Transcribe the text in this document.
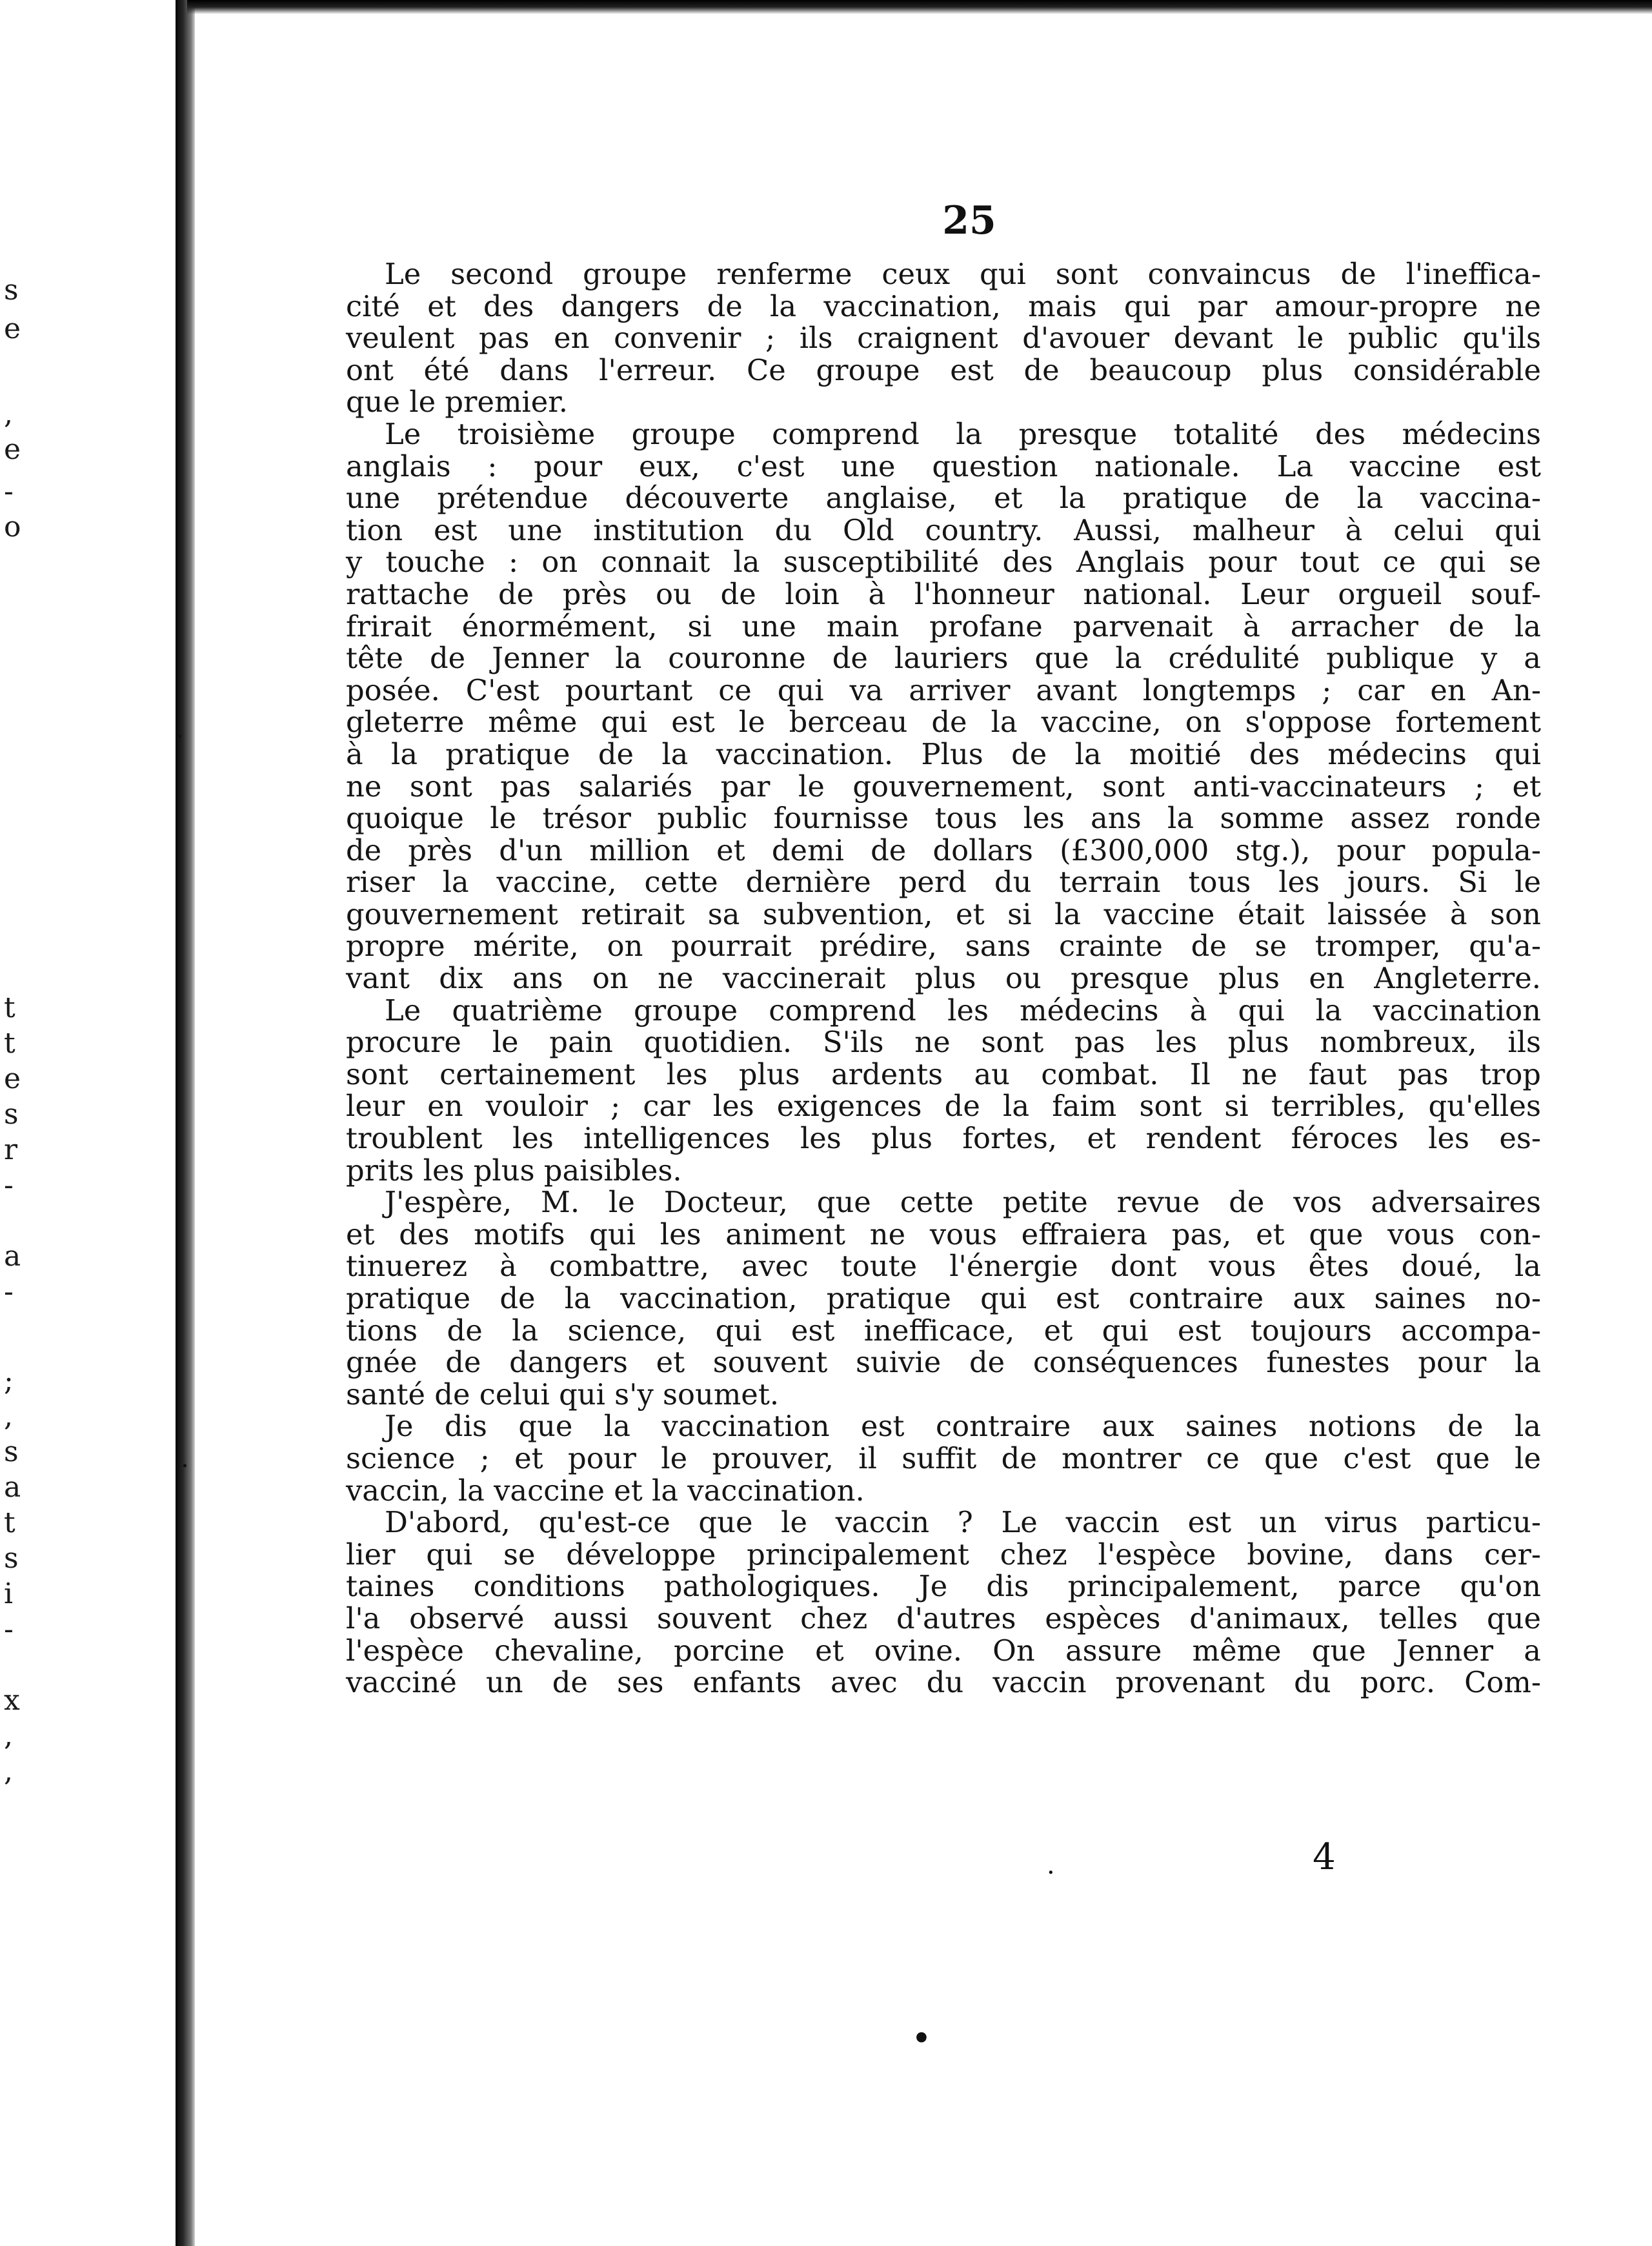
s
e
,
e
-
o
t
t
e
s
r
-
a
-
;
,
s
a
t
s
i
-
x
,
,
·
·
•
·
25

Le second groupe renferme ceux qui sont convaincus de l'ineffica-
cité et des dangers de la vaccination, mais qui par amour-propre ne
veulent pas en convenir ; ils craignent d'avouer devant le public qu'ils
ont été dans l'erreur. Ce groupe est de beaucoup plus considérable
que le premier.

Le troisième groupe comprend la presque totalité des médecins
anglais : pour eux, c'est une question nationale. La vaccine est
une prétendue découverte anglaise, et la pratique de la vaccina-
tion est une institution du Old country. Aussi, malheur à celui qui
y touche : on connait la susceptibilité des Anglais pour tout ce qui se
rattache de près ou de loin à l'honneur national. Leur orgueil souf-
frirait énormément, si une main profane parvenait à arracher de la
tête de Jenner la couronne de lauriers que la crédulité publique y a
posée. C'est pourtant ce qui va arriver avant longtemps ; car en An-
gleterre même qui est le berceau de la vaccine, on s'oppose fortement
à la pratique de la vaccination. Plus de la moitié des médecins qui
ne sont pas salariés par le gouvernement, sont anti-vaccinateurs ; et
quoique le trésor public fournisse tous les ans la somme assez ronde
de près d'un million et demi de dollars (£300,000 stg.), pour popula-
riser la vaccine, cette dernière perd du terrain tous les jours. Si le
gouvernement retirait sa subvention, et si la vaccine était laissée à son
propre mérite, on pourrait prédire, sans crainte de se tromper, qu'a-
vant dix ans on ne vaccinerait plus ou presque plus en Angleterre.

Le quatrième groupe comprend les médecins à qui la vaccination
procure le pain quotidien. S'ils ne sont pas les plus nombreux, ils
sont certainement les plus ardents au combat. Il ne faut pas trop
leur en vouloir ; car les exigences de la faim sont si terribles, qu'elles
troublent les intelligences les plus fortes, et rendent féroces les es-
prits les plus paisibles.

J'espère, M. le Docteur, que cette petite revue de vos adversaires
et des motifs qui les animent ne vous effraiera pas, et que vous con-
tinuerez à combattre, avec toute l'énergie dont vous êtes doué, la
pratique de la vaccination, pratique qui est contraire aux saines no-
tions de la science, qui est inefficace, et qui est toujours accompa-
gnée de dangers et souvent suivie de conséquences funestes pour la
santé de celui qui s'y soumet.

Je dis que la vaccination est contraire aux saines notions de la
science ; et pour le prouver, il suffit de montrer ce que c'est que le
vaccin, la vaccine et la vaccination.

D'abord, qu'est-ce que le vaccin ? Le vaccin est un virus particu-
lier qui se développe principalement chez l'espèce bovine, dans cer-
taines conditions pathologiques. Je dis principalement, parce qu'on
l'a observé aussi souvent chez d'autres espèces d'animaux, telles que
l'espèce chevaline, porcine et ovine. On assure même que Jenner a
vacciné un de ses enfants avec du vaccin provenant du porc. Com-

4
